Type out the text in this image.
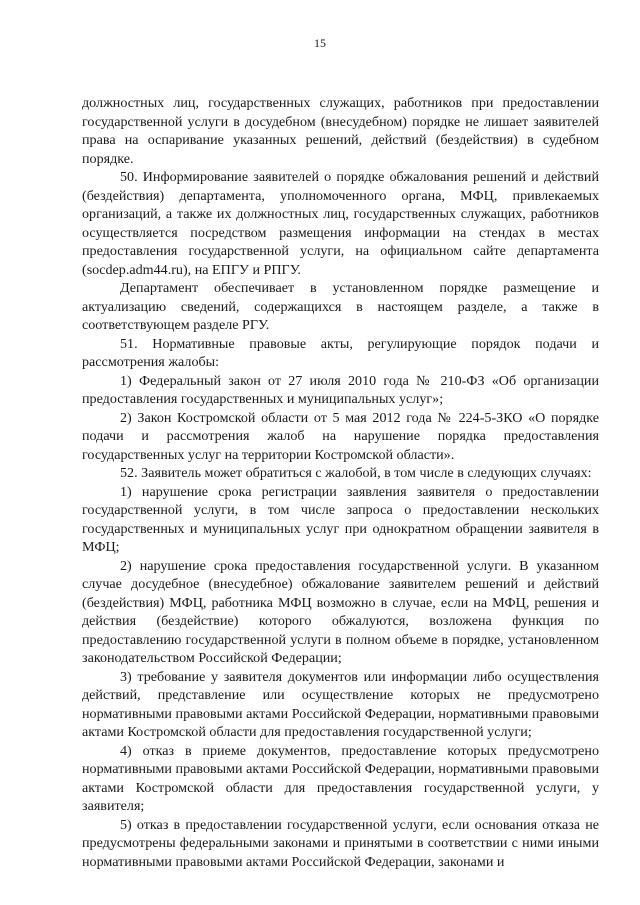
15

должностных лиц, государственных служащих, работников при предоставлении государственной услуги в досудебном (внесудебном) порядке не лишает заявителей права на оспаривание указанных решений, действий (бездействия) в судебном порядке.

50. Информирование заявителей о порядке обжалования решений и действий (бездействия) департамента, уполномоченного органа, МФЦ, привлекаемых организаций, а также их должностных лиц, государственных служащих, работников осуществляется посредством размещения информации на стендах в местах предоставления государственной услуги, на официальном сайте департамента (socdep.adm44.ru), на ЕПГУ и РПГУ.

Департамент обеспечивает в установленном порядке размещение и актуализацию сведений, содержащихся в настоящем разделе, а также в соответствующем разделе РГУ.

51. Нормативные правовые акты, регулирующие порядок подачи и рассмотрения жалобы:

1) Федеральный закон от 27 июля 2010 года № 210-ФЗ «Об организации предоставления государственных и муниципальных услуг»;

2) Закон Костромской области от 5 мая 2012 года № 224-5-ЗКО «О порядке подачи и рассмотрения жалоб на нарушение порядка предоставления государственных услуг на территории Костромской области».

52. Заявитель может обратиться с жалобой, в том числе в следующих случаях:

1) нарушение срока регистрации заявления заявителя о предоставлении государственной услуги, в том числе запроса о предоставлении нескольких государственных и муниципальных услуг при однократном обращении заявителя в МФЦ;

2) нарушение срока предоставления государственной услуги. В указанном случае досудебное (внесудебное) обжалование заявителем решений и действий (бездействия) МФЦ, работника МФЦ возможно в случае, если на МФЦ, решения и действия (бездействие) которого обжалуются, возложена функция по предоставлению государственной услуги в полном объеме в порядке, установленном законодательством Российской Федерации;

3) требование у заявителя документов или информации либо осуществления действий, представление или осуществление которых не предусмотрено нормативными правовыми актами Российской Федерации, нормативными правовыми актами Костромской области для предоставления государственной услуги;

4) отказ в приеме документов, предоставление которых предусмотрено нормативными правовыми актами Российской Федерации, нормативными правовыми актами Костромской области для предоставления государственной услуги, у заявителя;

5) отказ в предоставлении государственной услуги, если основания отказа не предусмотрены федеральными законами и принятыми в соответствии с ними иными нормативными правовыми актами Российской Федерации, законами и
